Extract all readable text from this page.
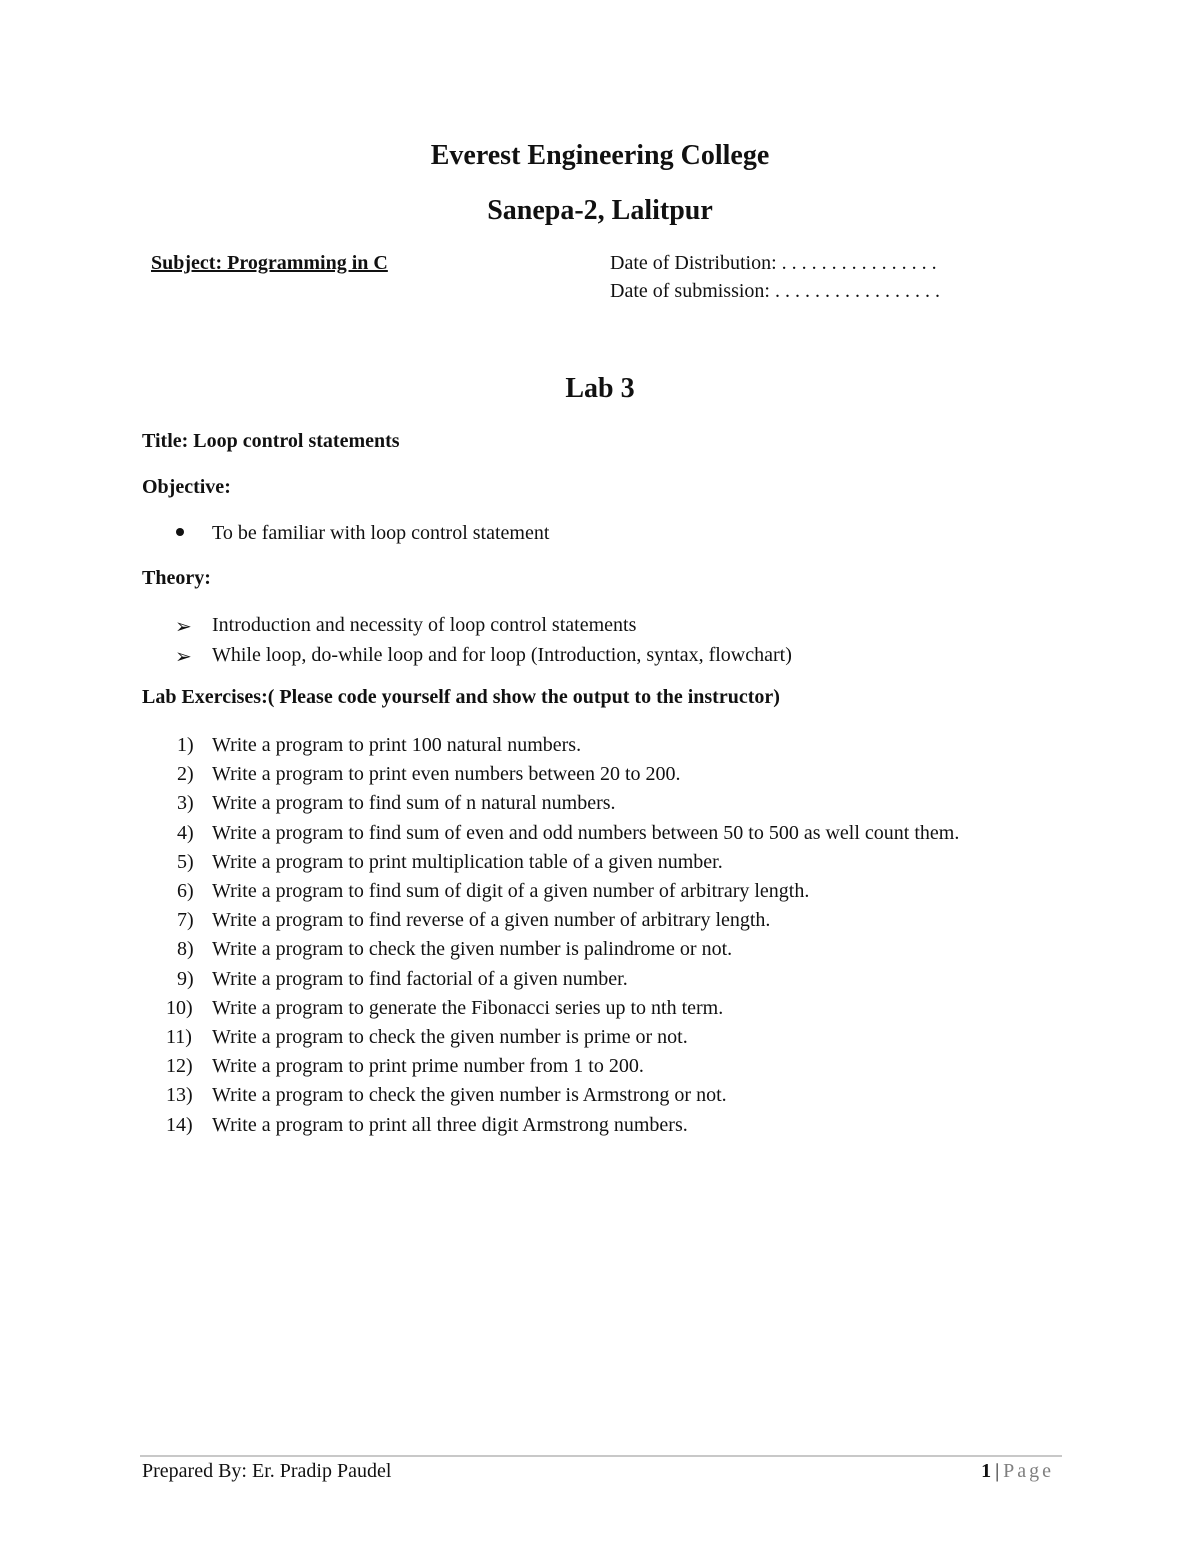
Everest Engineering College
Sanepa-2, Lalitpur
Subject: Programming in C	Date of Distribution: . . . . . . . . . . . . . . . .
Date of submission: . . . . . . . . . . . . . . . . .
Lab 3

Title: Loop control statements

Objective:

To be familiar with loop control statement

Theory:

➢	Introduction and necessity of loop control statements
➢	While loop, do-while loop and for loop (Introduction, syntax, flowchart)

Lab Exercises:( Please code yourself and show the output to the instructor)

1) Write a program to print 100 natural numbers.
2) Write a program to print even numbers between 20 to 200.
3) Write a program to find sum of n natural numbers.
4) Write a program to find sum of even and odd numbers between 50 to 500 as well count them.
5) Write a program to print multiplication table of a given number.
6) Write a program to find sum of digit of a given number of arbitrary length.
7) Write a program to find reverse of a given number of arbitrary length.
8) Write a program to check the given number is palindrome or not.
9) Write a program to find factorial of a given number.
10) Write a program to generate the Fibonacci series up to nth term.
11)	Write a program to check the given number is prime or not.
12) Write a program to print prime number from 1 to 200.
13) Write a program to check the given number is Armstrong or not.
14) Write a program to print all three digit Armstrong numbers.
Prepared By: Er. Pradip Paudel	1 | Page
